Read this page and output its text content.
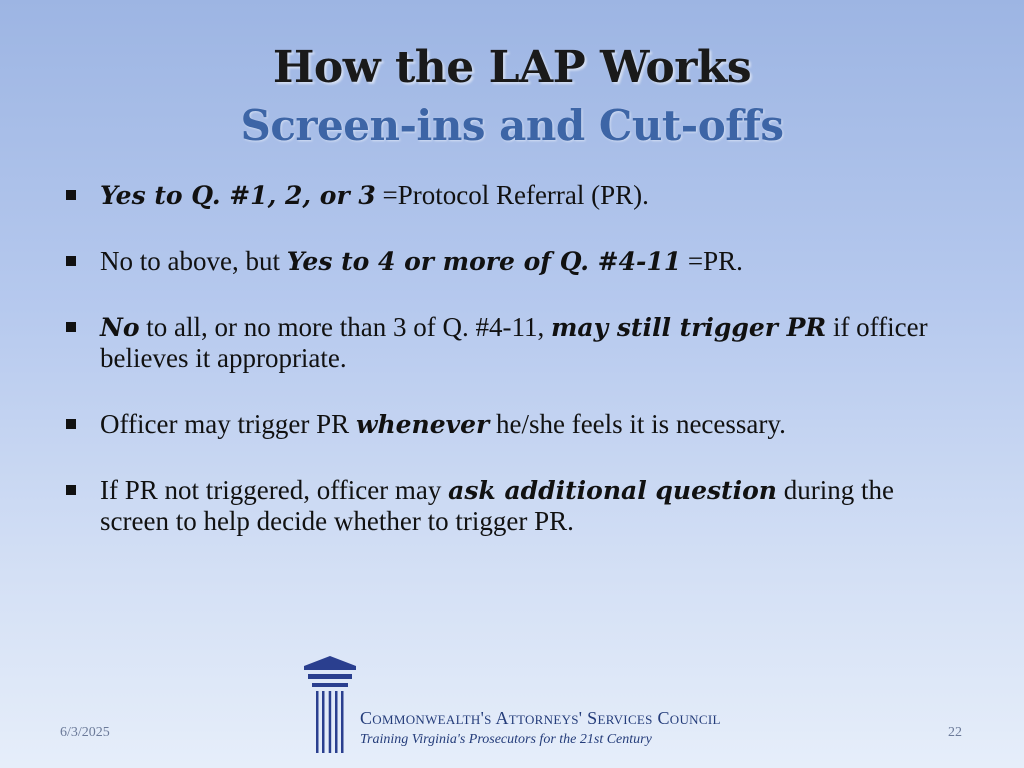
How the LAP Works
Screen-ins and Cut-offs
Yes to Q. #1, 2, or 3 =Protocol Referral (PR).
No to above, but Yes to 4 or more of Q. #4-11 =PR.
No to all, or no more than 3 of Q. #4-11, may still trigger PR if officer believes it appropriate.
Officer may trigger PR whenever he/she feels it is necessary.
If PR not triggered, officer may ask additional question during the screen to help decide whether to trigger PR.
Commonwealth's Attorneys' Services Council
Training Virginia's Prosecutors for the 21st Century
6/3/2025	22
